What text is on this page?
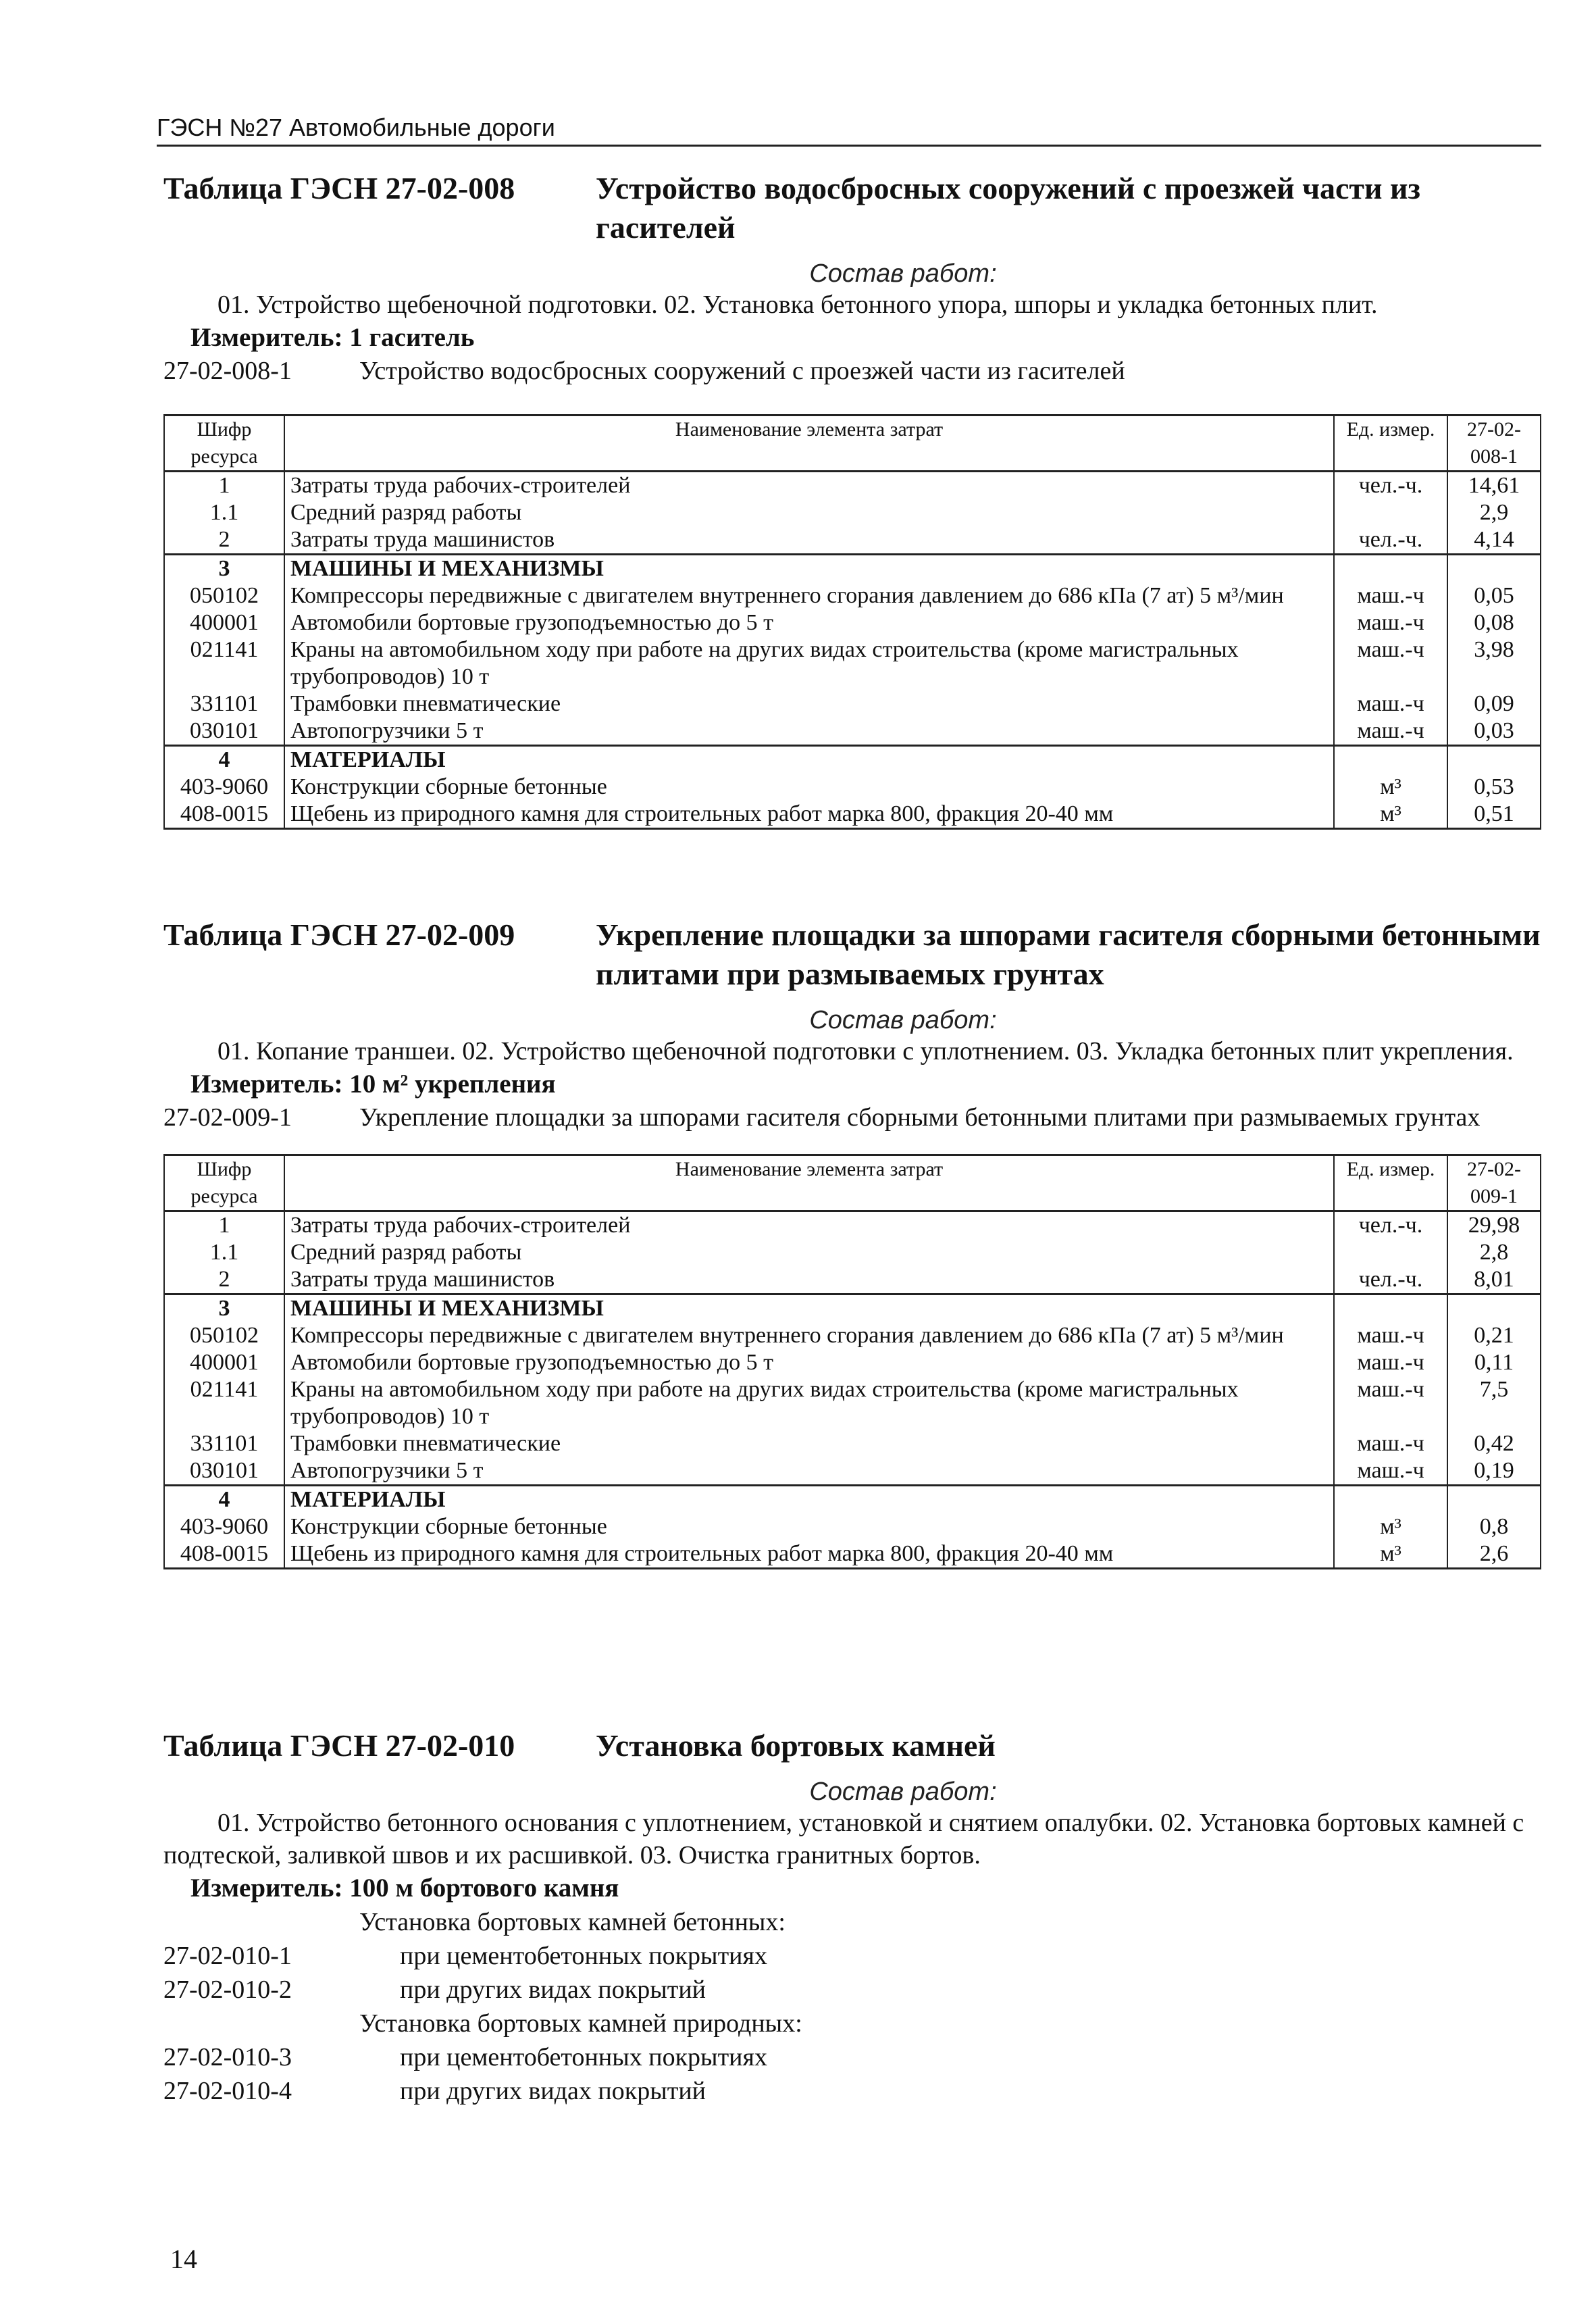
ГЭСН №27 Автомобильные дороги
Таблица ГЭСН 27-02-008	Устройство водосбросных сооружений с проезжей части из гасителей
Состав работ:
01. Устройство щебеночной подготовки. 02. Установка бетонного упора, шпоры и укладка бетонных плит.
Измеритель: 1 гаситель
27-02-008-1	Устройство водосбросных сооружений с проезжей части из гасителей
Шифр ресурса	Наименование элемента затрат	Ед. измер.	27-02-008-1
1	Затраты труда рабочих-строителей	чел.-ч.	14,61
1.1	Средний разряд работы		2,9
2	Затраты труда машинистов	чел.-ч.	4,14
3	МАШИНЫ И МЕХАНИЗМЫ		
050102	Компрессоры передвижные с двигателем внутреннего сгорания давлением до 686 кПа (7 ат) 5 м³/мин	маш.-ч	0,05
400001	Автомобили бортовые грузоподъемностью до 5 т	маш.-ч	0,08
021141	Краны на автомобильном ходу при работе на других видах строительства (кроме магистральных трубопроводов) 10 т	маш.-ч	3,98
331101	Трамбовки пневматические	маш.-ч	0,09
030101	Автопогрузчики 5 т	маш.-ч	0,03
4	МАТЕРИАЛЫ		
403-9060	Конструкции сборные бетонные	м³	0,53
408-0015	Щебень из природного камня для строительных работ марка 800, фракция 20-40 мм	м³	0,51
Таблица ГЭСН 27-02-009	Укрепление площадки за шпорами гасителя сборными бетонными плитами при размываемых грунтах
Состав работ:
01. Копание траншеи. 02. Устройство щебеночной подготовки с уплотнением. 03. Укладка бетонных плит укрепления.
Измеритель: 10 м² укрепления
27-02-009-1	Укрепление площадки за шпорами гасителя сборными бетонными плитами при размываемых грунтах
Шифр ресурса	Наименование элемента затрат	Ед. измер.	27-02-009-1
1	Затраты труда рабочих-строителей	чел.-ч.	29,98
1.1	Средний разряд работы		2,8
2	Затраты труда машинистов	чел.-ч.	8,01
3	МАШИНЫ И МЕХАНИЗМЫ		
050102	Компрессоры передвижные с двигателем внутреннего сгорания давлением до 686 кПа (7 ат) 5 м³/мин	маш.-ч	0,21
400001	Автомобили бортовые грузоподъемностью до 5 т	маш.-ч	0,11
021141	Краны на автомобильном ходу при работе на других видах строительства (кроме магистральных трубопроводов) 10 т	маш.-ч	7,5
331101	Трамбовки пневматические	маш.-ч	0,42
030101	Автопогрузчики 5 т	маш.-ч	0,19
4	МАТЕРИАЛЫ		
403-9060	Конструкции сборные бетонные	м³	0,8
408-0015	Щебень из природного камня для строительных работ марка 800, фракция 20-40 мм	м³	2,6
Таблица ГЭСН 27-02-010	Установка бортовых камней
Состав работ:
01. Устройство бетонного основания с уплотнением, установкой и снятием опалубки. 02. Установка бортовых камней с подтеской, заливкой швов и их расшивкой. 03. Очистка гранитных бортов.
Измеритель: 100 м бортового камня
Установка бортовых камней бетонных:
27-02-010-1	при цементобетонных покрытиях
27-02-010-2	при других видах покрытий
Установка бортовых камней природных:
27-02-010-3	при цементобетонных покрытиях
27-02-010-4	при других видах покрытий
14
